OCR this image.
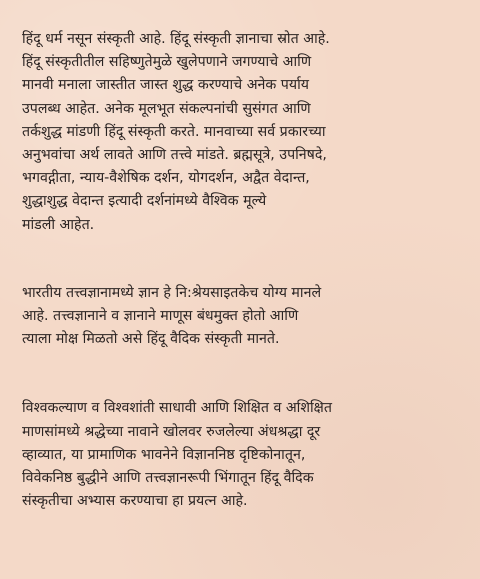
हिंदू धर्म नसून संस्कृती आहे. हिंदू संस्कृती ज्ञानाचा स्रोत आहे.
हिंदू संस्कृतीतील सहिष्णुतेमुळे खुलेपणाने जगण्याचे आणि
मानवी मनाला जास्तीत जास्त शुद्ध करण्याचे अनेक पर्याय
उपलब्ध आहेत. अनेक मूलभूत संकल्पनांची सुसंगत आणि
तर्कशुद्ध मांडणी हिंदू संस्कृती करते. मानवाच्या सर्व प्रकारच्या
अनुभवांचा अर्थ लावते आणि तत्त्वे मांडते. ब्रह्मसूत्रे, उपनिषदे,
भगवद्गीता, न्याय-वैशेषिक दर्शन, योगदर्शन, अद्वैत वेदान्त,
शुद्धाशुद्ध वेदान्त इत्यादी दर्शनांमध्ये वैश्विक मूल्ये
मांडली आहेत.
भारतीय तत्त्वज्ञानामध्ये ज्ञान हे नि:श्रेयसाइतकेच योग्य मानले
आहे. तत्त्वज्ञानाने व ज्ञानाने माणूस बंधमुक्त होतो आणि
त्याला मोक्ष मिळतो असे हिंदू वैदिक संस्कृती मानते.
विश्वकल्याण व विश्वशांती साधावी आणि शिक्षित व अशिक्षित
माणसांमध्ये श्रद्धेच्या नावाने खोलवर रुजलेल्या अंधश्रद्धा दूर
व्हाव्यात, या प्रामाणिक भावनेने विज्ञाननिष्ठ दृष्टिकोनातून,
विवेकनिष्ठ बुद्धीने आणि तत्त्वज्ञानरूपी भिंगातून हिंदू वैदिक
संस्कृतीचा अभ्यास करण्याचा हा प्रयत्न आहे.
